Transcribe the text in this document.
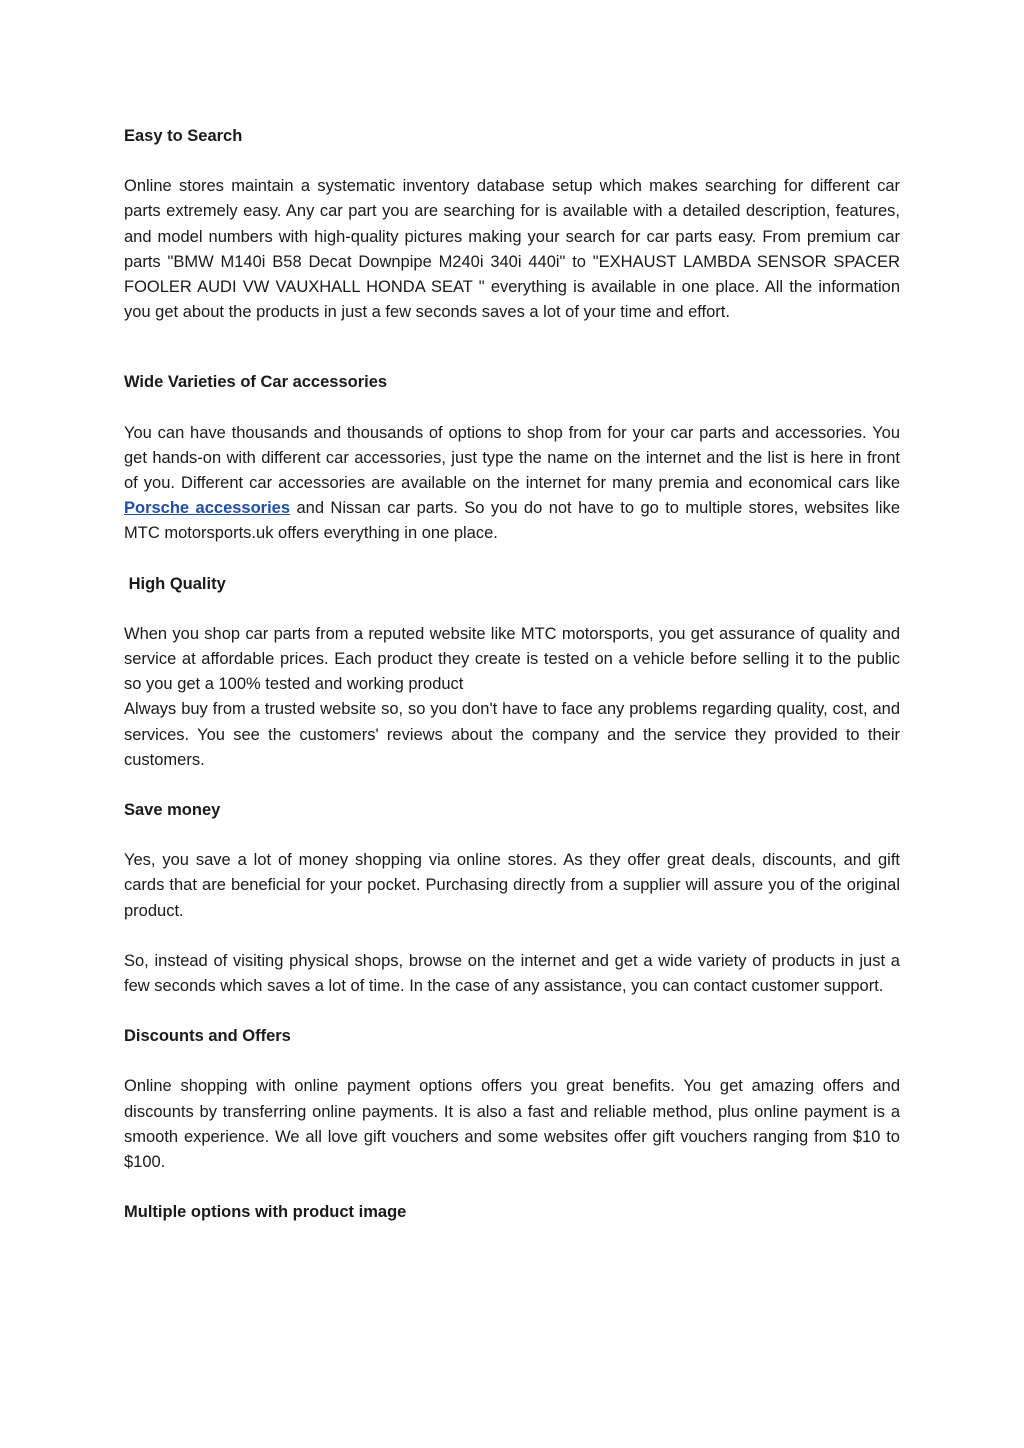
Easy to Search

Online stores maintain a systematic inventory database setup which makes searching for different car parts extremely easy. Any car part you are searching for is available with a detailed description, features, and model numbers with high-quality pictures making your search for car parts easy. From premium car parts "BMW M140i B58 Decat Downpipe M240i 340i 440i" to "EXHAUST LAMBDA SENSOR SPACER FOOLER AUDI VW VAUXHALL HONDA SEAT " everything is available in one place. All the information you get about the products in just a few seconds saves a lot of your time and effort.

Wide Varieties of Car accessories

You can have thousands and thousands of options to shop from for your car parts and accessories. You get hands-on with different car accessories, just type the name on the internet and the list is here in front of you. Different car accessories are available on the internet for many premia and economical cars like Porsche accessories and Nissan car parts. So you do not have to go to multiple stores, websites like MTC motorsports.uk offers everything in one place.

High Quality

When you shop car parts from a reputed website like MTC motorsports, you get assurance of quality and service at affordable prices. Each product they create is tested on a vehicle before selling it to the public so you get a 100% tested and working product

Always buy from a trusted website so, so you don't have to face any problems regarding quality, cost, and services. You see the customers' reviews about the company and the service they provided to their customers.

Save money

Yes, you save a lot of money shopping via online stores. As they offer great deals, discounts, and gift cards that are beneficial for your pocket. Purchasing directly from a supplier will assure you of the original product.

So, instead of visiting physical shops, browse on the internet and get a wide variety of products in just a few seconds which saves a lot of time. In the case of any assistance, you can contact customer support.

Discounts and Offers

Online shopping with online payment options offers you great benefits. You get amazing offers and discounts by transferring online payments. It is also a fast and reliable method, plus online payment is a smooth experience. We all love gift vouchers and some websites offer gift vouchers ranging from $10 to $100.

Multiple options with product image
